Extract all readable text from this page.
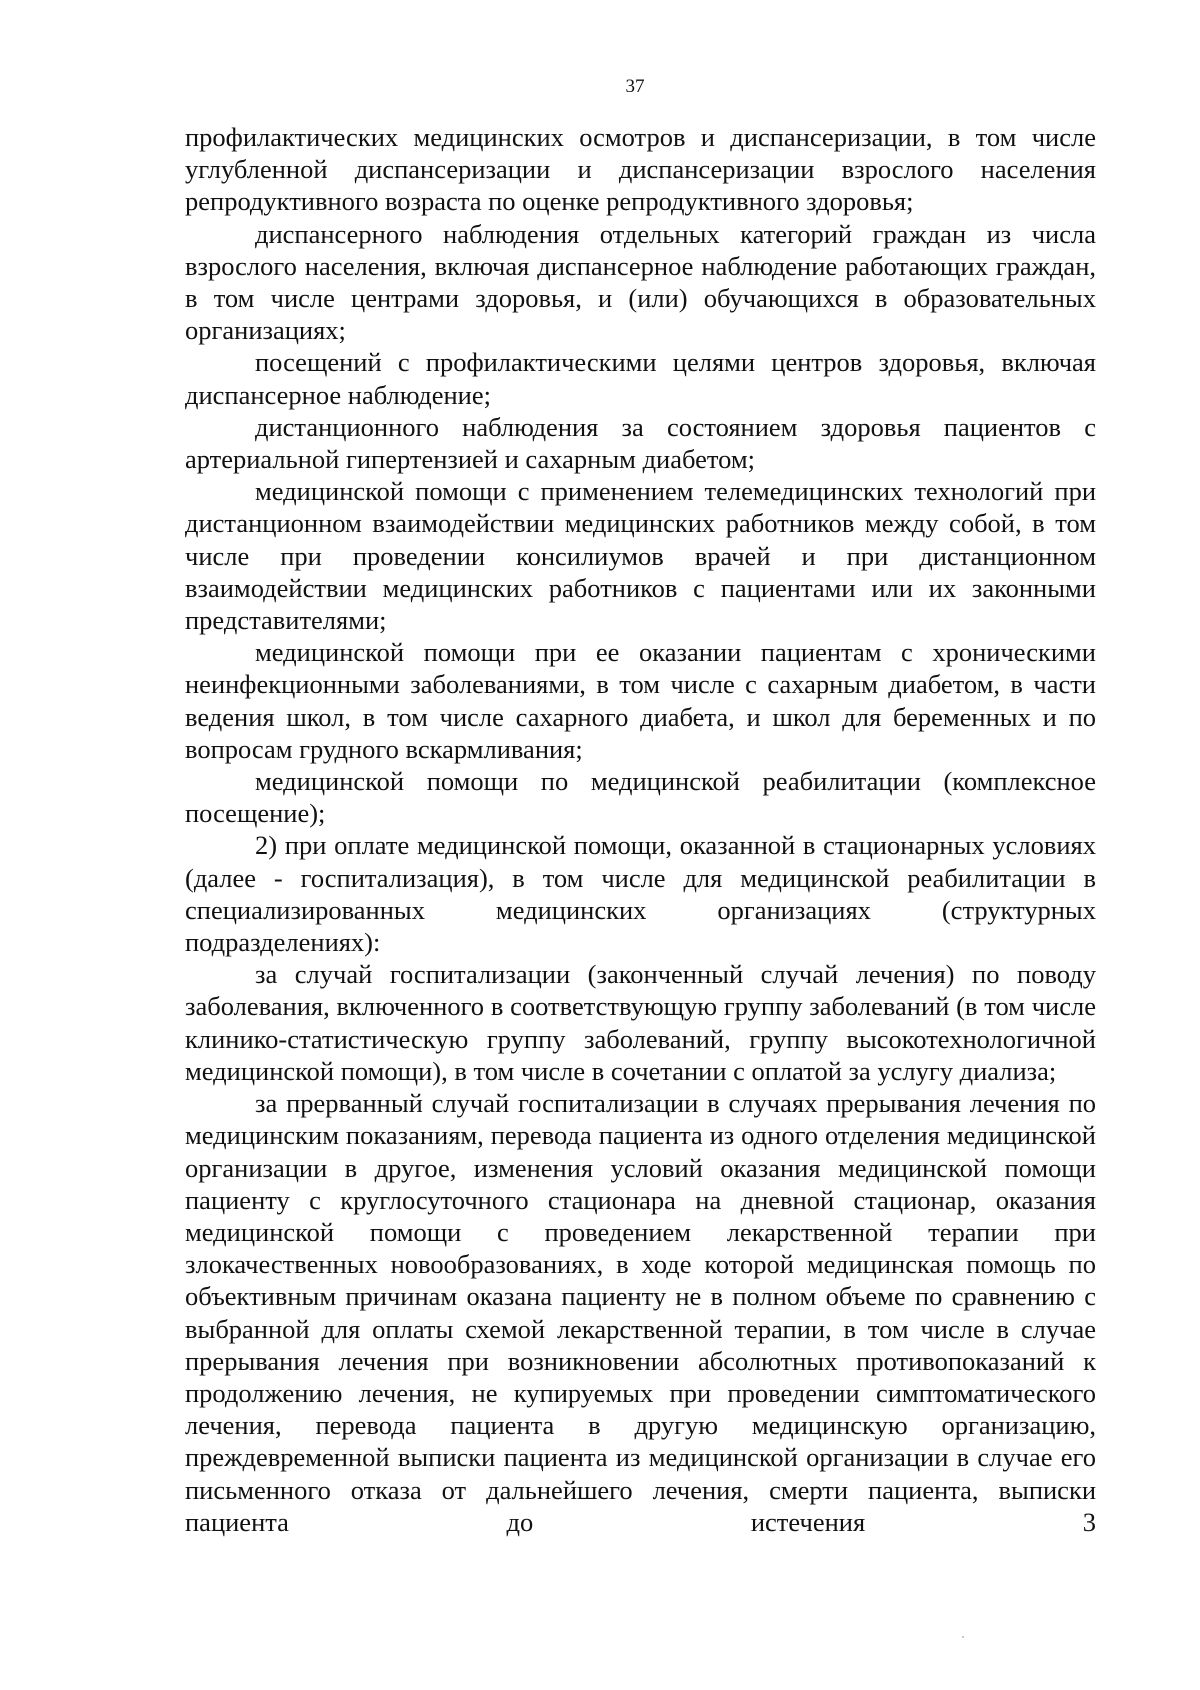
37

профилактических медицинских осмотров и диспансеризации, в том числе углубленной диспансеризации и диспансеризации взрослого населения репродуктивного возраста по оценке репродуктивного здоровья;

диспансерного наблюдения отдельных категорий граждан из числа взрослого населения, включая диспансерное наблюдение работающих граждан, в том числе центрами здоровья, и (или) обучающихся в образовательных организациях;

посещений с профилактическими целями центров здоровья, включая диспансерное наблюдение;

дистанционного наблюдения за состоянием здоровья пациентов с артериальной гипертензией и сахарным диабетом;

медицинской помощи с применением телемедицинских технологий при дистанционном взаимодействии медицинских работников между собой, в том числе при проведении консилиумов врачей и при дистанционном взаимодействии медицинских работников с пациентами или их законными представителями;

медицинской помощи при ее оказании пациентам с хроническими неинфекционными заболеваниями, в том числе с сахарным диабетом, в части ведения школ, в том числе сахарного диабета, и школ для беременных и по вопросам грудного вскармливания;

медицинской помощи по медицинской реабилитации (комплексное посещение);

2) при оплате медицинской помощи, оказанной в стационарных условиях (далее - госпитализация), в том числе для медицинской реабилитации в специализированных медицинских организациях (структурных подразделениях):

за случай госпитализации (законченный случай лечения) по поводу заболевания, включенного в соответствующую группу заболеваний (в том числе клинико-статистическую группу заболеваний, группу высокотехнологичной медицинской помощи), в том числе в сочетании с оплатой за услугу диализа;

за прерванный случай госпитализации в случаях прерывания лечения по медицинским показаниям, перевода пациента из одного отделения медицинской организации в другое, изменения условий оказания медицинской помощи пациенту с круглосуточного стационара на дневной стационар, оказания медицинской помощи с проведением лекарственной терапии при злокачественных новообразованиях, в ходе которой медицинская помощь по объективным причинам оказана пациенту не в полном объеме по сравнению с выбранной для оплаты схемой лекарственной терапии, в том числе в случае прерывания лечения при возникновении абсолютных противопоказаний к продолжению лечения, не купируемых при проведении симптоматического лечения, перевода пациента в другую медицинскую организацию, преждевременной выписки пациента из медицинской организации в случае его письменного отказа от дальнейшего лечения, смерти пациента, выписки пациента до истечения 3
